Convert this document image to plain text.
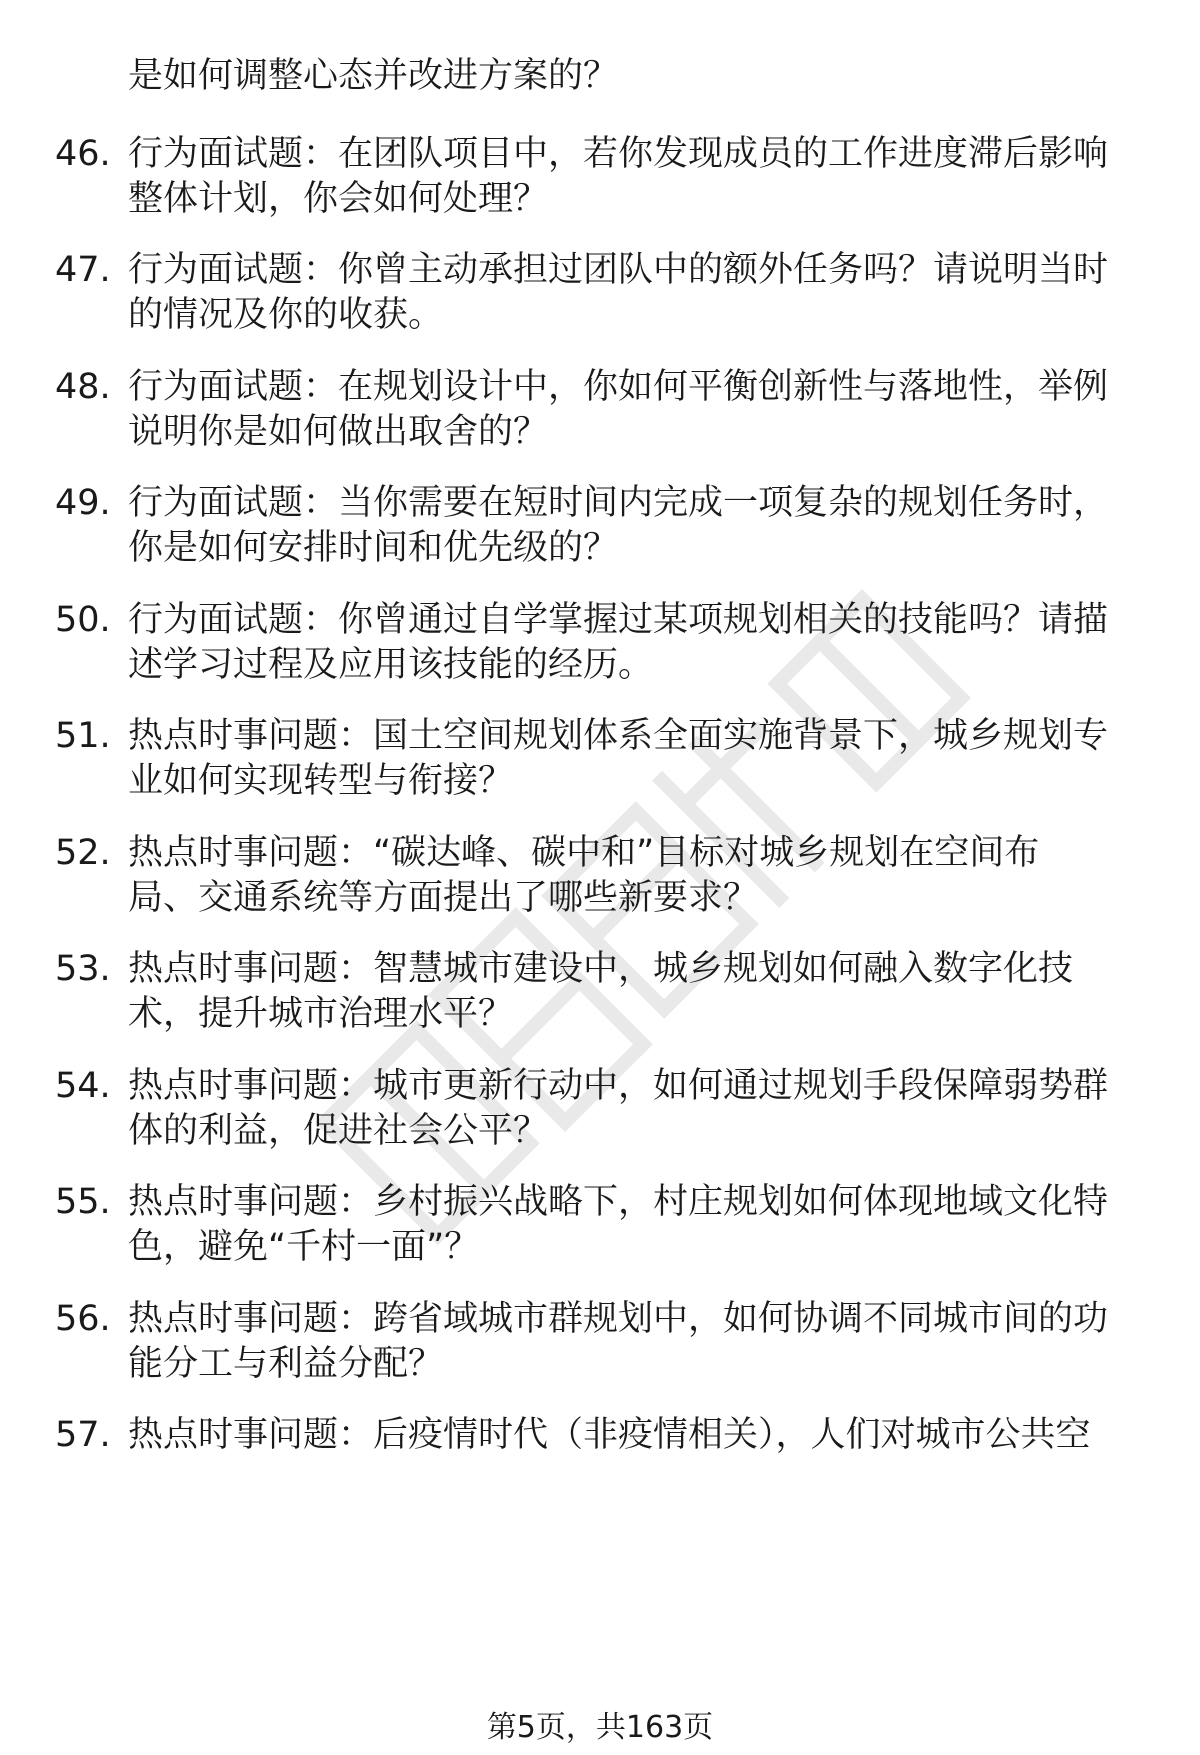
是如何调整心态并改进方案的？
46. 行为面试题：在团队项目中，若你发现成员的工作进度滞后影响
整体计划，你会如何处理？
47. 行为面试题：你曾主动承担过团队中的额外任务吗？请说明当时
的情况及你的收获。
48. 行为面试题：在规划设计中，你如何平衡创新性与落地性，举例
说明你是如何做出取舍的？
49. 行为面试题：当你需要在短时间内完成一项复杂的规划任务时，
你是如何安排时间和优先级的？
50. 行为面试题：你曾通过自学掌握过某项规划相关的技能吗？请描
述学习过程及应用该技能的经历。
51. 热点时事问题：国土空间规划体系全面实施背景下，城乡规划专
业如何实现转型与衔接？
52. 热点时事问题：“碳达峰、碳中和”目标对城乡规划在空间布
局、交通系统等方面提出了哪些新要求？
53. 热点时事问题：智慧城市建设中，城乡规划如何融入数字化技
术，提升城市治理水平？
54. 热点时事问题：城市更新行动中，如何通过规划手段保障弱势群
体的利益，促进社会公平？
55. 热点时事问题：乡村振兴战略下，村庄规划如何体现地域文化特
色，避免“千村一面”？
56. 热点时事问题：跨省域城市群规划中，如何协调不同城市间的功
能分工与利益分配？
57. 热点时事问题：后疫情时代（非疫情相关），人们对城市公共空
第5页，共163页
